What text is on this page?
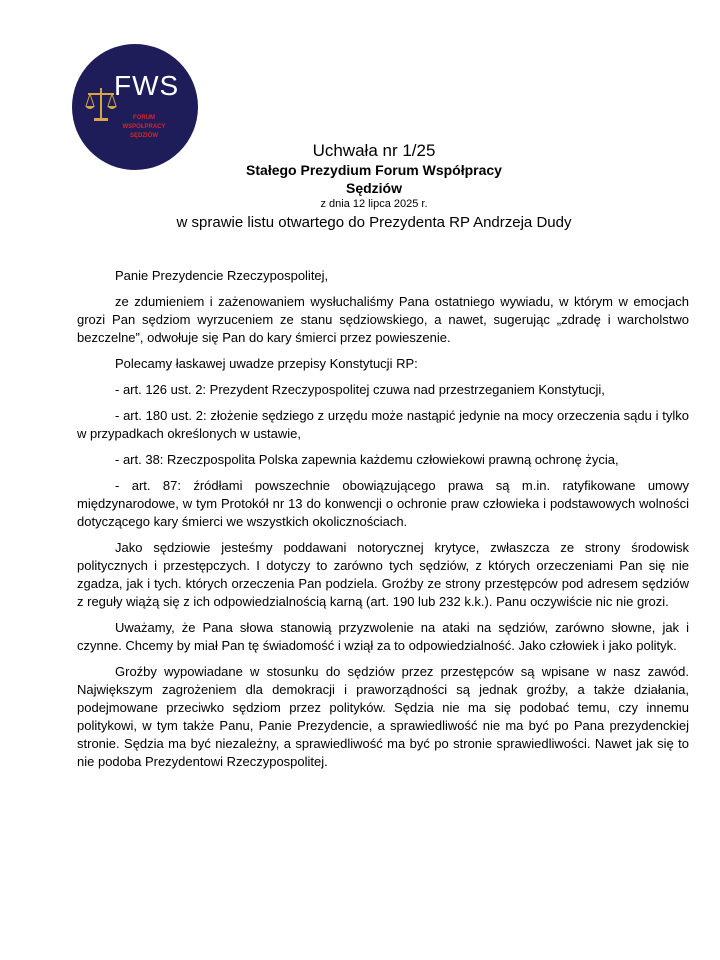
FWS
FORUM WSPÓŁPRACY SĘDZIÓW
Uchwała nr 1/25
Stałego Prezydium Forum Współpracy
Sędziów
z dnia 12 lipca 2025 r.
w sprawie listu otwartego do Prezydenta RP Andrzeja Dudy

Panie Prezydencie Rzeczypospolitej,

ze zdumieniem i zażenowaniem wysłuchaliśmy Pana ostatniego wywiadu, w którym w emocjach grozi Pan sędziom wyrzuceniem ze stanu sędziowskiego, a nawet, sugerując „zdradę i warcholstwo bezczelne”, odwołuje się Pan do kary śmierci przez powieszenie.

Polecamy łaskawej uwadze przepisy Konstytucji RP:

- art. 126 ust. 2: Prezydent Rzeczypospolitej czuwa nad przestrzeganiem Konstytucji,

- art. 180 ust. 2: złożenie sędziego z urzędu może nastąpić jedynie na mocy orzeczenia sądu i tylko w przypadkach określonych w ustawie,

- art. 38: Rzeczpospolita Polska zapewnia każdemu człowiekowi prawną ochronę życia,

- art. 87: źródłami powszechnie obowiązującego prawa są m.in. ratyfikowane umowy międzynarodowe, w tym Protokół nr 13 do konwencji o ochronie praw człowieka i podstawowych wolności dotyczącego kary śmierci we wszystkich okolicznościach.

Jako sędziowie jesteśmy poddawani notorycznej krytyce, zwłaszcza ze strony środowisk politycznych i przestępczych. I dotyczy to zarówno tych sędziów, z których orzeczeniami Pan się nie zgadza, jak i tych. których orzeczenia Pan podziela. Groźby ze strony przestępców pod adresem sędziów z reguły wiążą się z ich odpowiedzialnością karną (art. 190 lub 232 k.k.). Panu oczywiście nic nie grozi.

Uważamy, że Pana słowa stanowią przyzwolenie na ataki na sędziów, zarówno słowne, jak i czynne. Chcemy by miał Pan tę świadomość i wziął za to odpowiedzialność. Jako człowiek i jako polityk.

Groźby wypowiadane w stosunku do sędziów przez przestępców są wpisane w nasz zawód. Największym zagrożeniem dla demokracji i praworządności są jednak groźby, a także działania, podejmowane przeciwko sędziom przez polityków. Sędzia nie ma się podobać temu, czy innemu politykowi, w tym także Panu, Panie Prezydencie, a sprawiedliwość nie ma być po Pana prezydenckiej stronie. Sędzia ma być niezależny, a sprawiedliwość ma być po stronie sprawiedliwości. Nawet jak się to nie podoba Prezydentowi Rzeczypospolitej.
